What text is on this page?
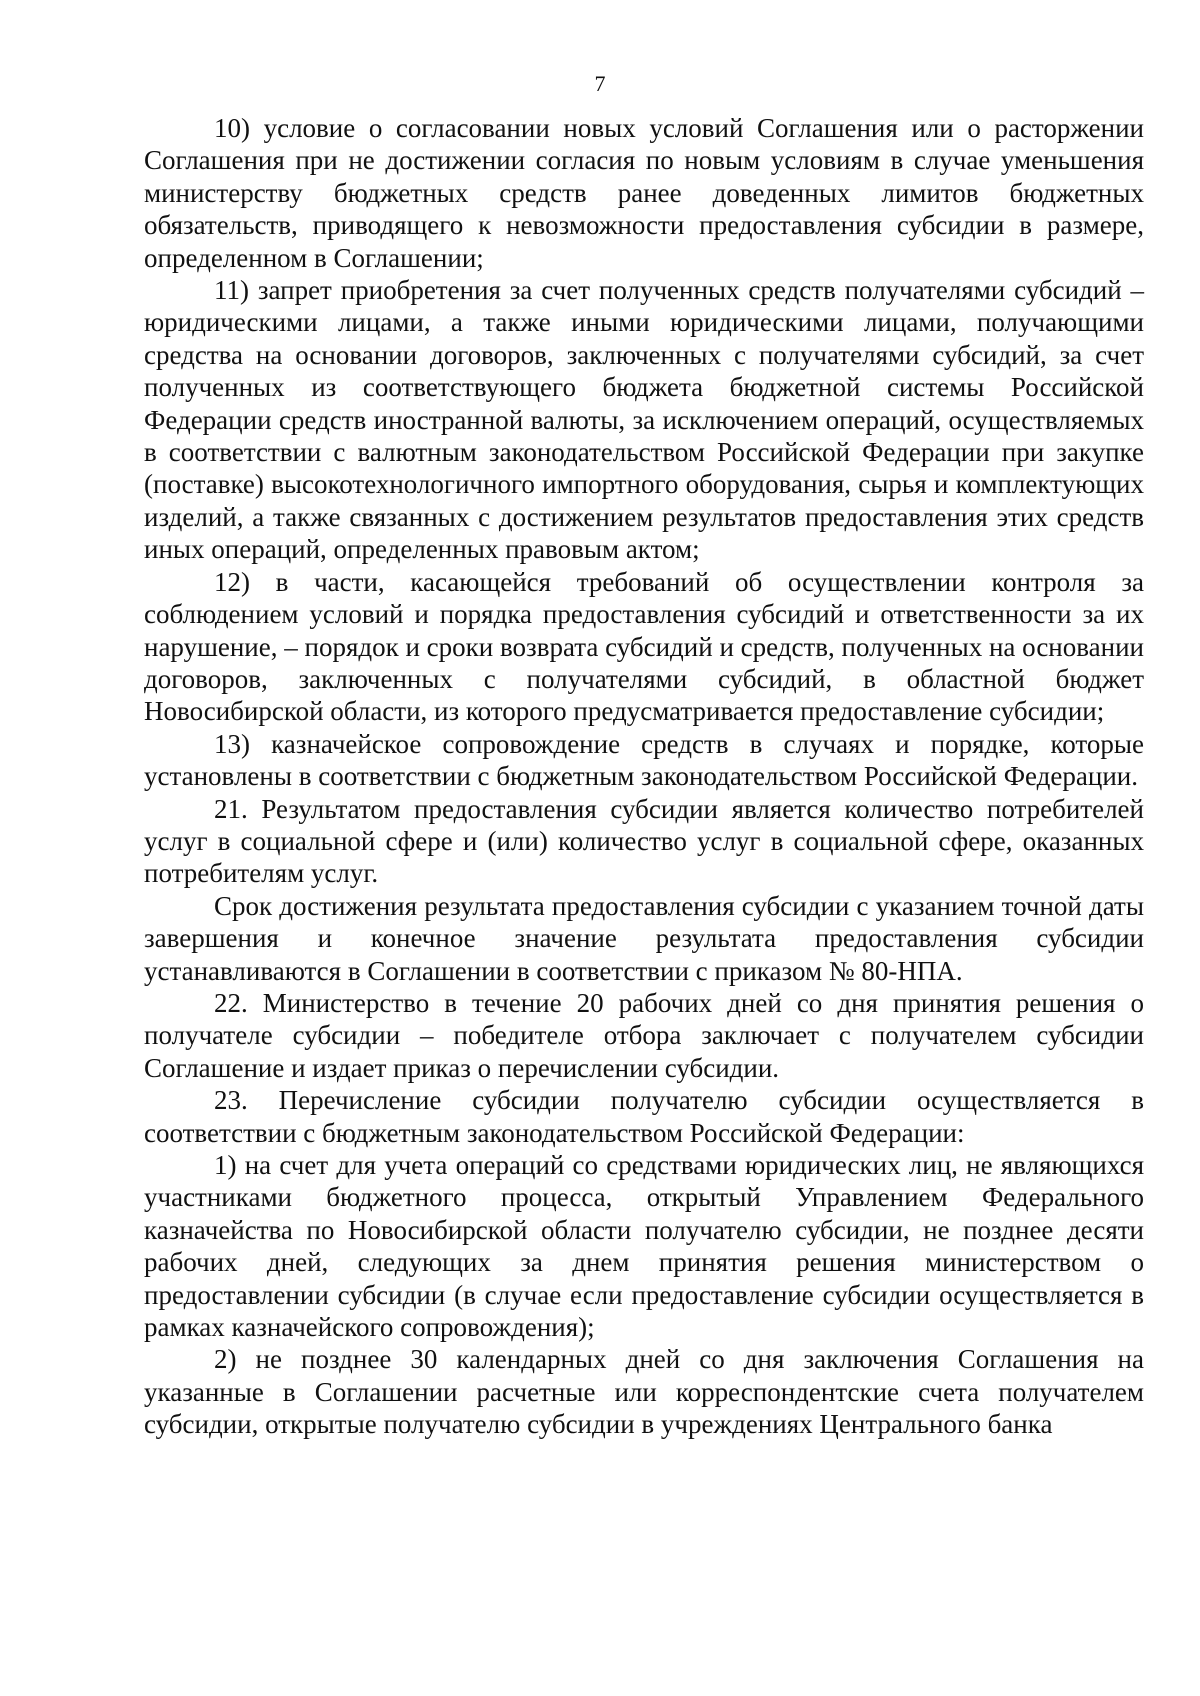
7

10) условие о согласовании новых условий Соглашения или о расторжении Соглашения при не достижении согласия по новым условиям в случае уменьшения министерству бюджетных средств ранее доведенных лимитов бюджетных обязательств, приводящего к невозможности предоставления субсидии в размере, определенном в Соглашении;

11) запрет приобретения за счет полученных средств получателями субсидий – юридическими лицами, а также иными юридическими лицами, получающими средства на основании договоров, заключенных с получателями субсидий, за счет полученных из соответствующего бюджета бюджетной системы Российской Федерации средств иностранной валюты, за исключением операций, осуществляемых в соответствии с валютным законодательством Российской Федерации при закупке (поставке) высокотехнологичного импортного оборудования, сырья и комплектующих изделий, а также связанных с достижением результатов предоставления этих средств иных операций, определенных правовым актом;

12) в части, касающейся требований об осуществлении контроля за соблюдением условий и порядка предоставления субсидий и ответственности за их нарушение, – порядок и сроки возврата субсидий и средств, полученных на основании договоров, заключенных с получателями субсидий, в областной бюджет Новосибирской области, из которого предусматривается предоставление субсидии;

13) казначейское сопровождение средств в случаях и порядке, которые установлены в соответствии с бюджетным законодательством Российской Федерации.

21. Результатом предоставления субсидии является количество потребителей услуг в социальной сфере и (или) количество услуг в социальной сфере, оказанных потребителям услуг.

Срок достижения результата предоставления субсидии с указанием точной даты завершения и конечное значение результата предоставления субсидии устанавливаются в Соглашении в соответствии с приказом № 80-НПА.

22. Министерство в течение 20 рабочих дней со дня принятия решения о получателе субсидии – победителе отбора заключает с получателем субсидии Соглашение и издает приказ о перечислении субсидии.

23. Перечисление субсидии получателю субсидии осуществляется в соответствии с бюджетным законодательством Российской Федерации:

1) на счет для учета операций со средствами юридических лиц, не являющихся участниками бюджетного процесса, открытый Управлением Федерального казначейства по Новосибирской области получателю субсидии, не позднее десяти рабочих дней, следующих за днем принятия решения министерством о предоставлении субсидии (в случае если предоставление субсидии осуществляется в рамках казначейского сопровождения);

2) не позднее 30 календарных дней со дня заключения Соглашения на указанные в Соглашении расчетные или корреспондентские счета получателем субсидии, открытые получателю субсидии в учреждениях Центрального банка
